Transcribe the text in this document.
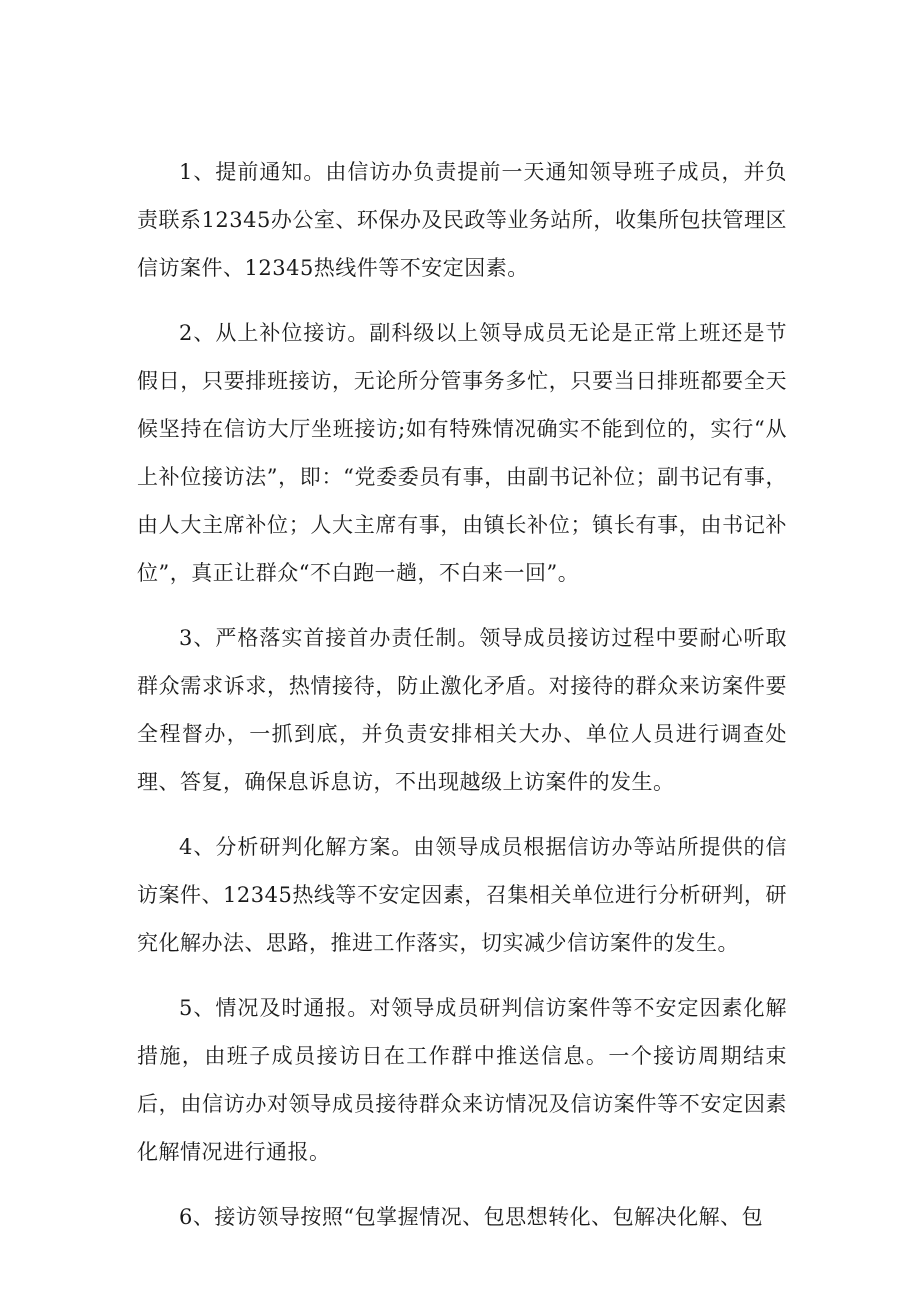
1、提前通知。由信访办负责提前一天通知领导班子成员，并负责联系12345办公室、环保办及民政等业务站所，收集所包扶管理区信访案件、12345热线件等不安定因素。

2、从上补位接访。副科级以上领导成员无论是正常上班还是节假日，只要排班接访，无论所分管事务多忙，只要当日排班都要全天候坚持在信访大厅坐班接访;如有特殊情况确实不能到位的，实行“从上补位接访法”，即：“党委委员有事，由副书记补位；副书记有事，由人大主席补位；人大主席有事，由镇长补位；镇长有事，由书记补位”，真正让群众“不白跑一趟，不白来一回”。

3、严格落实首接首办责任制。领导成员接访过程中要耐心听取群众需求诉求，热情接待，防止激化矛盾。对接待的群众来访案件要全程督办，一抓到底，并负责安排相关大办、单位人员进行调查处理、答复，确保息诉息访，不出现越级上访案件的发生。

4、分析研判化解方案。由领导成员根据信访办等站所提供的信访案件、12345热线等不安定因素，召集相关单位进行分析研判，研究化解办法、思路，推进工作落实，切实减少信访案件的发生。

5、情况及时通报。对领导成员研判信访案件等不安定因素化解措施，由班子成员接访日在工作群中推送信息。一个接访周期结束后，由信访办对领导成员接待群众来访情况及信访案件等不安定因素化解情况进行通报。

6、接访领导按照“包掌握情况、包思想转化、包解决化解、包
